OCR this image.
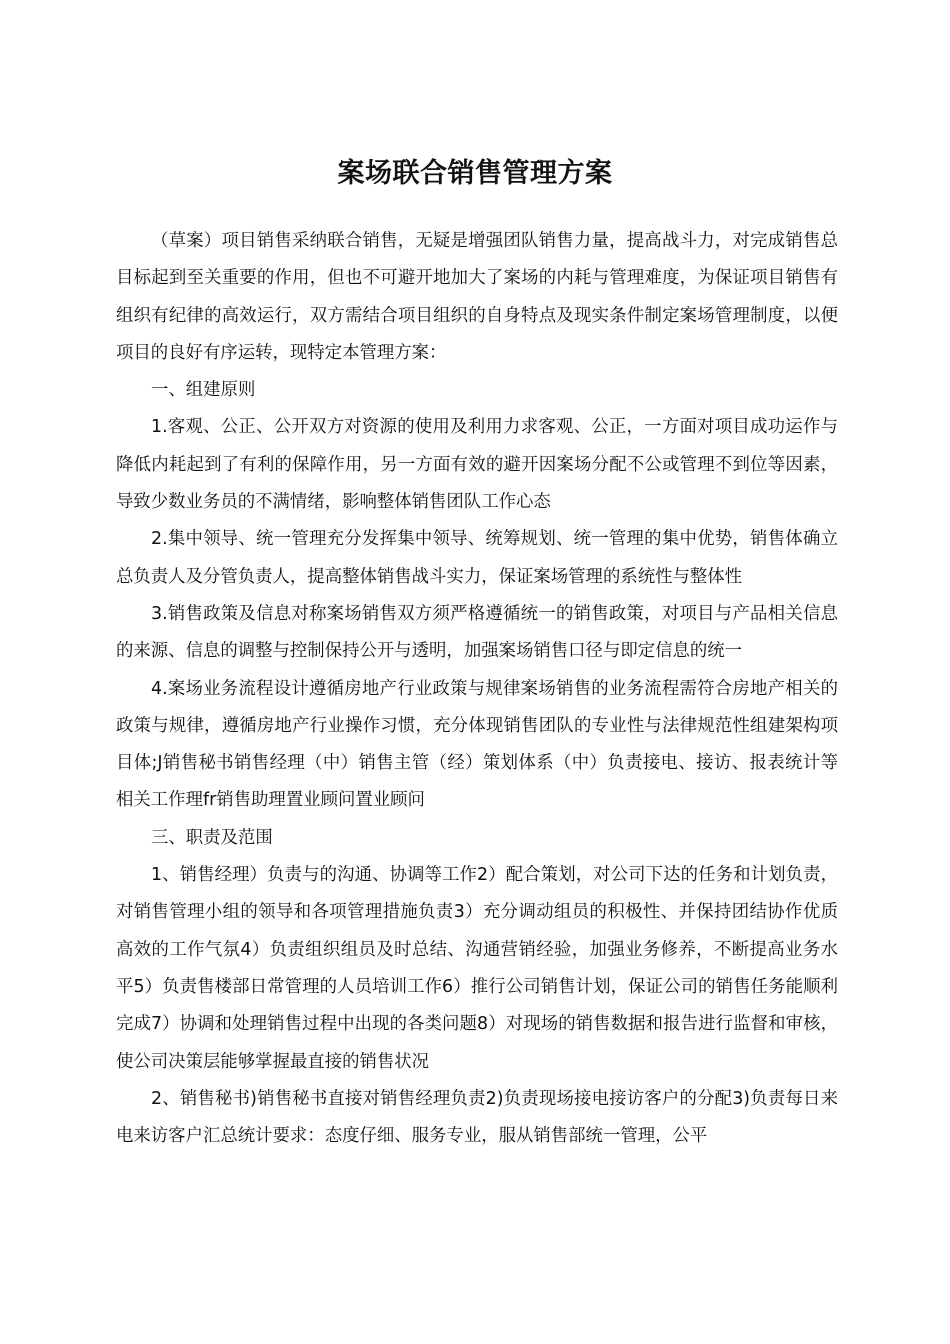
案场联合销售管理方案

（草案）项目销售采纳联合销售，无疑是增强团队销售力量，提高战斗力，对完成销售总目标起到至关重要的作用，但也不可避开地加大了案场的内耗与管理难度，为保证项目销售有组织有纪律的高效运行，双方需结合项目组织的自身特点及现实条件制定案场管理制度，以便项目的良好有序运转，现特定本管理方案：

一、组建原则

1.客观、公正、公开双方对资源的使用及利用力求客观、公正，一方面对项目成功运作与降低内耗起到了有利的保障作用，另一方面有效的避开因案场分配不公或管理不到位等因素，导致少数业务员的不满情绪，影响整体销售团队工作心态

2.集中领导、统一管理充分发挥集中领导、统筹规划、统一管理的集中优势，销售体确立总负责人及分管负责人，提高整体销售战斗实力，保证案场管理的系统性与整体性

3.销售政策及信息对称案场销售双方须严格遵循统一的销售政策，对项目与产品相关信息的来源、信息的调整与控制保持公开与透明，加强案场销售口径与即定信息的统一

4.案场业务流程设计遵循房地产行业政策与规律案场销售的业务流程需符合房地产相关的政策与规律，遵循房地产行业操作习惯，充分体现销售团队的专业性与法律规范性组建架构项目体;J销售秘书销售经理（中）销售主管（经）策划体系（中）负责接电、接访、报表统计等相关工作理fr销售助理置业顾问置业顾问

三、职责及范围

1、销售经理）负责与的沟通、协调等工作2）配合策划，对公司下达的任务和计划负责，对销售管理小组的领导和各项管理措施负责3）充分调动组员的积极性、并保持团结协作优质高效的工作气氛4）负责组织组员及时总结、沟通营销经验，加强业务修养，不断提高业务水平5）负责售楼部日常管理的人员培训工作6）推行公司销售计划，保证公司的销售任务能顺利完成7）协调和处理销售过程中出现的各类问题8）对现场的销售数据和报告进行监督和审核，使公司决策层能够掌握最直接的销售状况

2、销售秘书)销售秘书直接对销售经理负责2)负责现场接电接访客户的分配3)负责每日来电来访客户汇总统计要求：态度仔细、服务专业，服从销售部统一管理，公平
